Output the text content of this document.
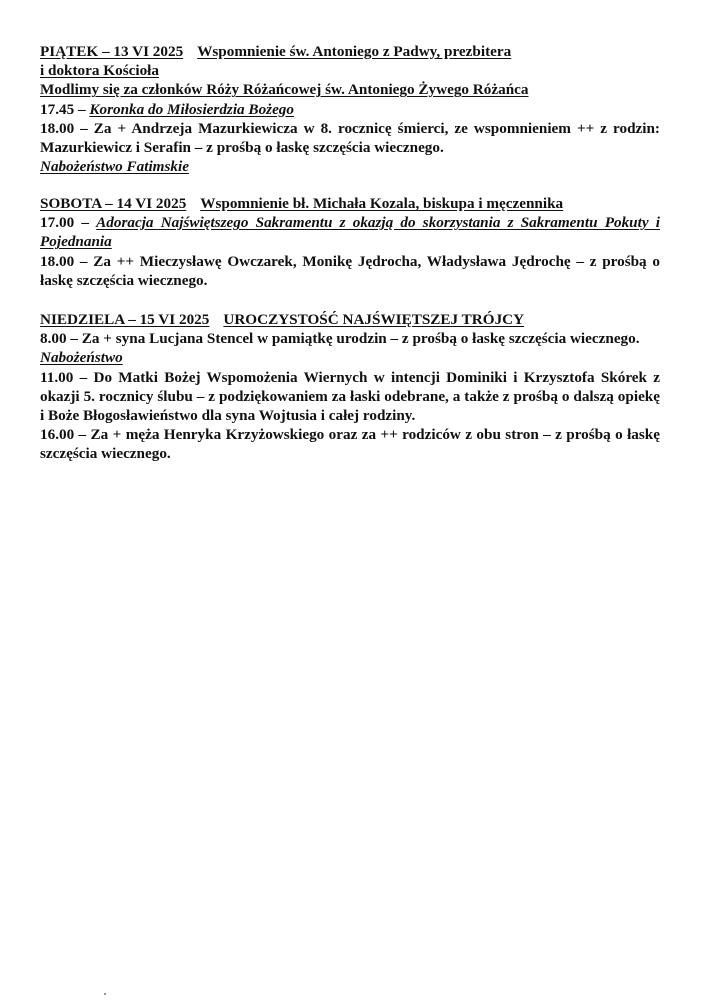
PIĄTEK – 13 VI 2025 Wspomnienie św. Antoniego z Padwy, prezbitera
i doktora Kościoła
Modlimy się za członków Róży Różańcowej św. Antoniego Żywego Różańca
17.45 – Koronka do Miłosierdzia Bożego
18.00 – Za + Andrzeja Mazurkiewicza w 8. rocznicę śmierci, ze wspomnieniem ++ z rodzin: Mazurkiewicz i Serafin – z prośbą o łaskę szczęścia wiecznego.
Nabożeństwo Fatimskie
SOBOTA – 14 VI 2025 Wspomnienie bł. Michała Kozala, biskupa i męczennika
17.00 – Adoracja Najświętszego Sakramentu z okazją do skorzystania z Sakramentu Pokuty i Pojednania
18.00 – Za ++ Mieczysławę Owczarek, Monikę Jędrocha, Władysława Jędrochę – z prośbą o łaskę szczęścia wiecznego.
NIEDZIELA – 15 VI 2025 UROCZYSTOŚĆ NAJŚWIĘTSZEJ TRÓJCY
8.00 – Za + syna Lucjana Stencel w pamiątkę urodzin – z prośbą o łaskę szczęścia wiecznego.
Nabożeństwo
11.00 – Do Matki Bożej Wspomożenia Wiernych w intencji Dominiki i Krzysztofa Skórek z okazji 5. rocznicy ślubu – z podziękowaniem za łaski odebrane, a także z prośbą o dalszą opiekę i Boże Błogosławieństwo dla syna Wojtusia i całej rodziny.
16.00 – Za + męża Henryka Krzyżowskiego oraz za ++ rodziców z obu stron – z prośbą o łaskę szczęścia wiecznego.
